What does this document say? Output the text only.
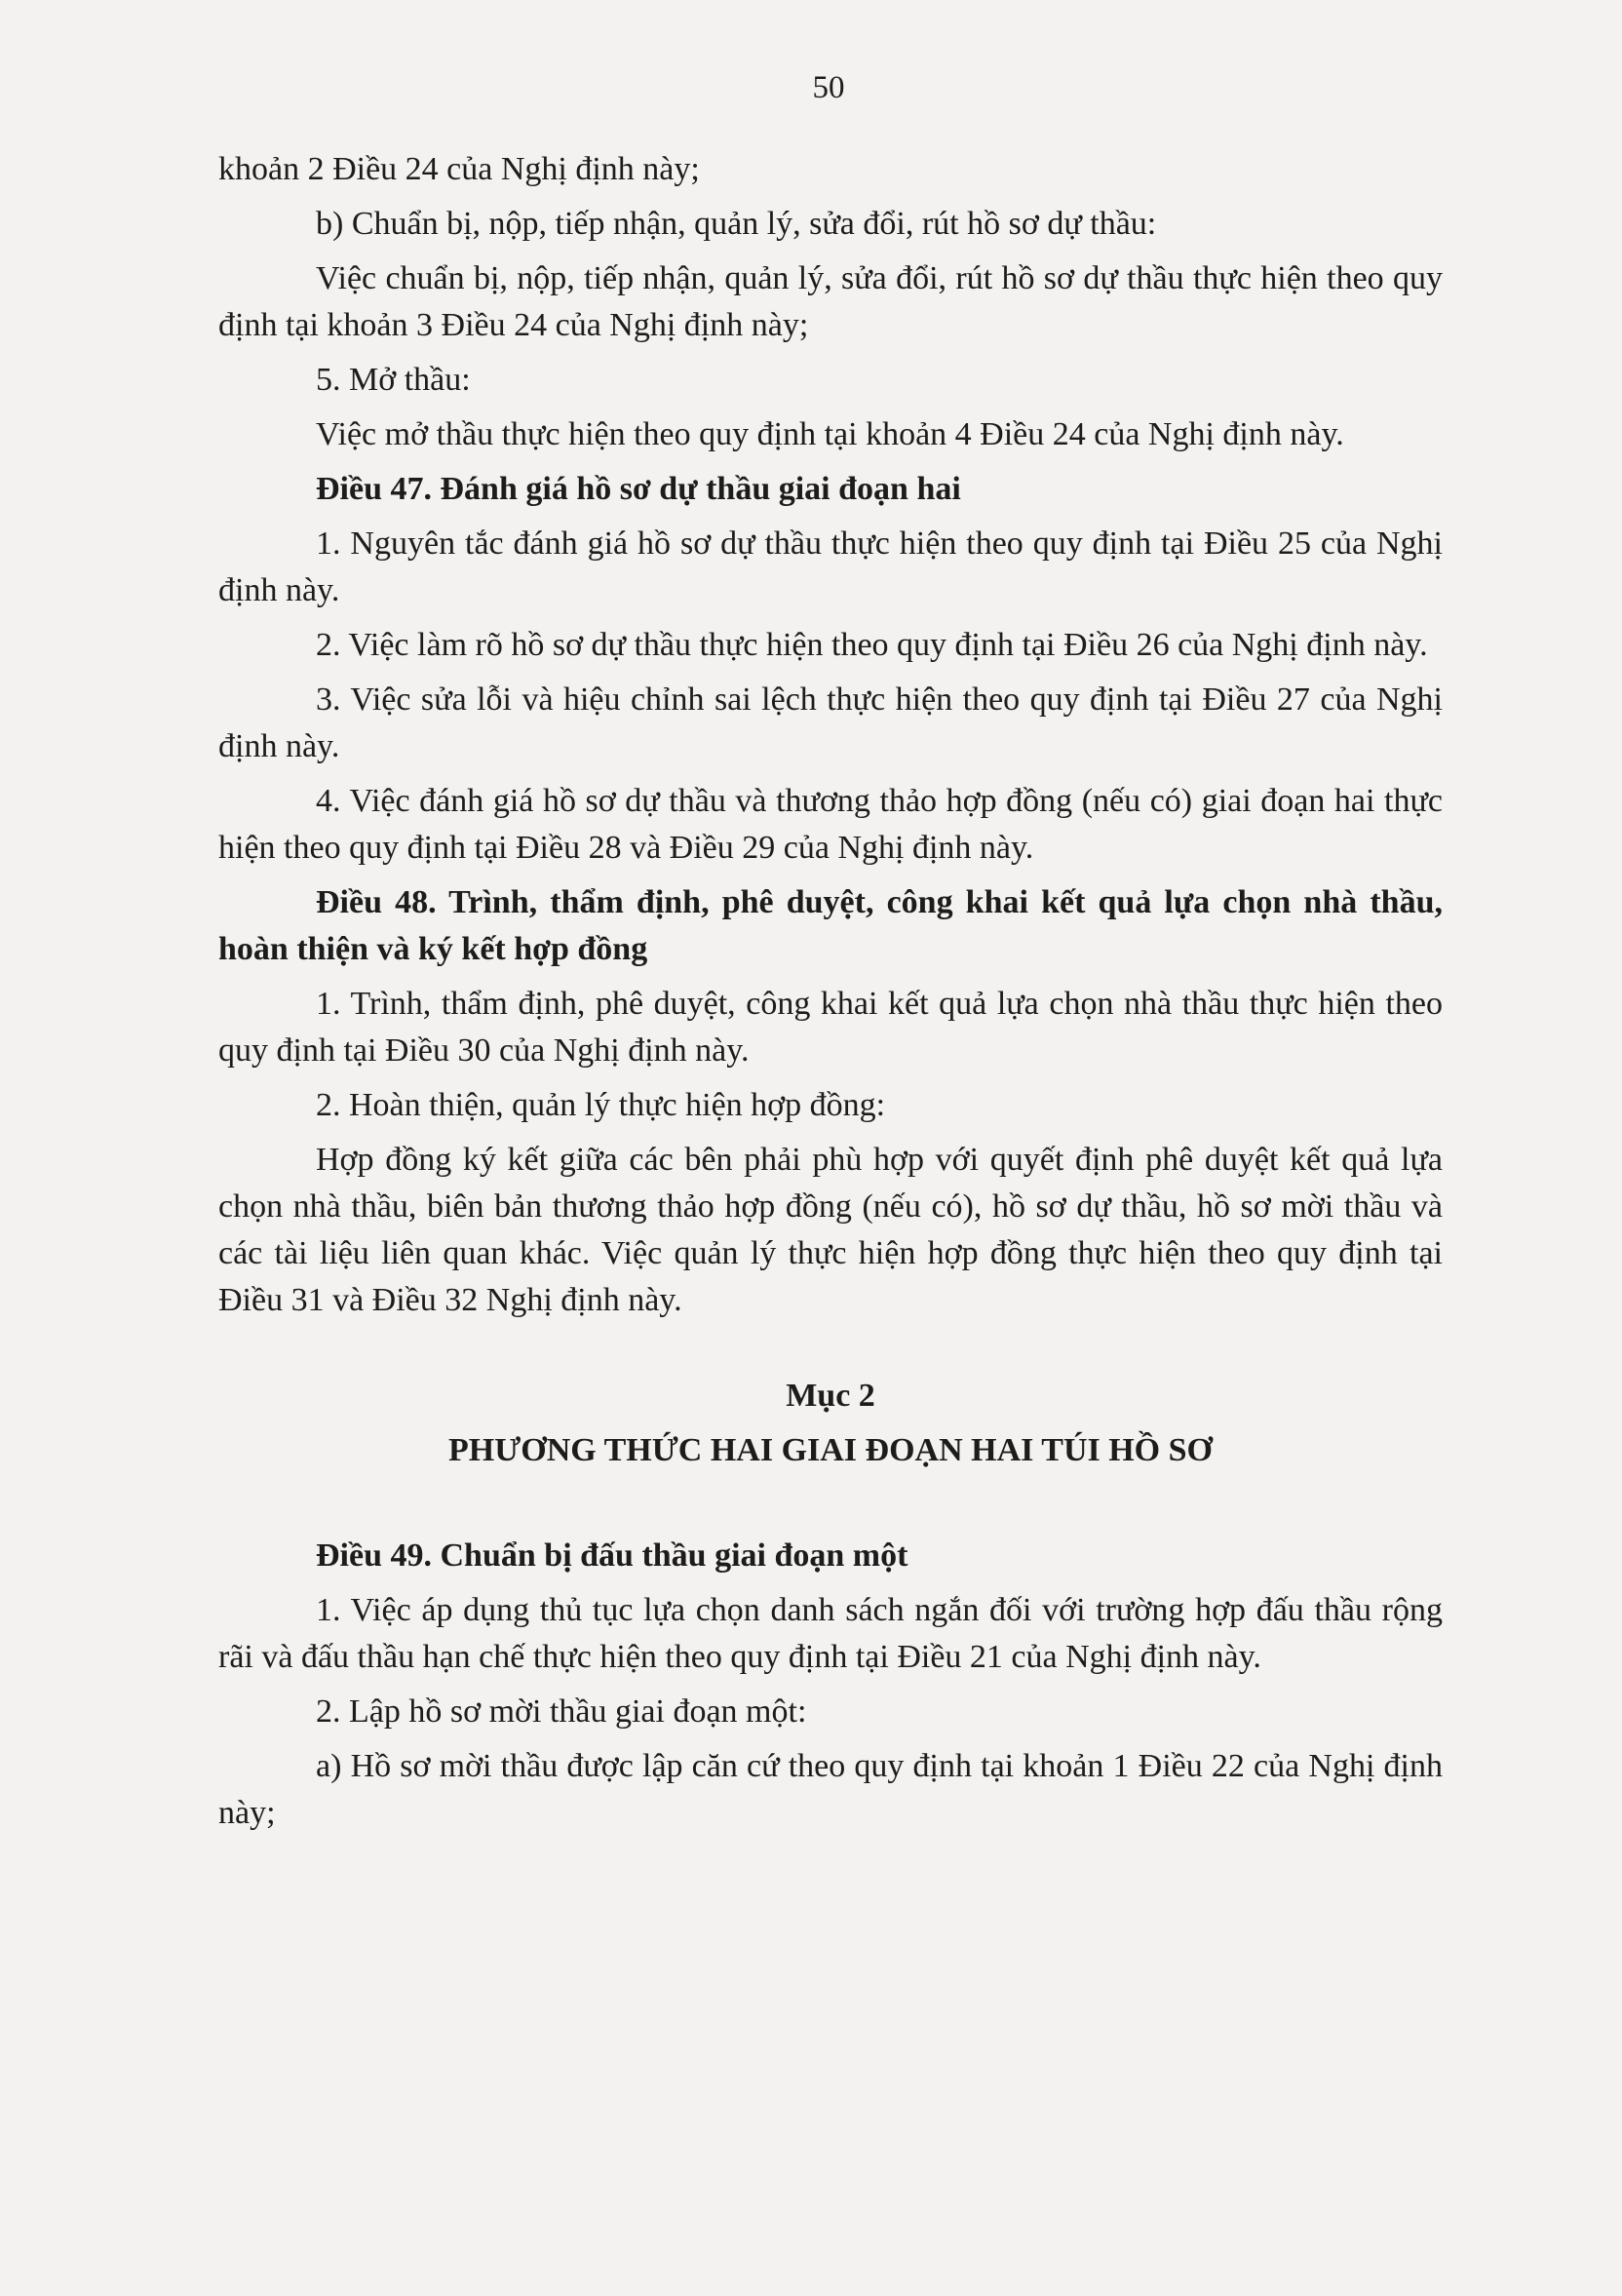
50

khoản 2 Điều 24 của Nghị định này;

b) Chuẩn bị, nộp, tiếp nhận, quản lý, sửa đổi, rút hồ sơ dự thầu:

Việc chuẩn bị, nộp, tiếp nhận, quản lý, sửa đổi, rút hồ sơ dự thầu thực hiện theo quy định tại khoản 3 Điều 24 của Nghị định này;

5. Mở thầu:

Việc mở thầu thực hiện theo quy định tại khoản 4 Điều 24 của Nghị định này.

Điều 47. Đánh giá hồ sơ dự thầu giai đoạn hai

1. Nguyên tắc đánh giá hồ sơ dự thầu thực hiện theo quy định tại Điều 25 của Nghị định này.

2. Việc làm rõ hồ sơ dự thầu thực hiện theo quy định tại Điều 26 của Nghị định này.

3. Việc sửa lỗi và hiệu chỉnh sai lệch thực hiện theo quy định tại Điều 27 của Nghị định này.

4. Việc đánh giá hồ sơ dự thầu và thương thảo hợp đồng (nếu có) giai đoạn hai thực hiện theo quy định tại Điều 28 và Điều 29 của Nghị định này.

Điều 48. Trình, thẩm định, phê duyệt, công khai kết quả lựa chọn nhà thầu, hoàn thiện và ký kết hợp đồng

1. Trình, thẩm định, phê duyệt, công khai kết quả lựa chọn nhà thầu thực hiện theo quy định tại Điều 30 của Nghị định này.

2. Hoàn thiện, quản lý thực hiện hợp đồng:

Hợp đồng ký kết giữa các bên phải phù hợp với quyết định phê duyệt kết quả lựa chọn nhà thầu, biên bản thương thảo hợp đồng (nếu có), hồ sơ dự thầu, hồ sơ mời thầu và các tài liệu liên quan khác. Việc quản lý thực hiện hợp đồng thực hiện theo quy định tại Điều 31 và Điều 32 Nghị định này.

Mục 2

PHƯƠNG THỨC HAI GIAI ĐOẠN HAI TÚI HỒ SƠ

Điều 49. Chuẩn bị đấu thầu giai đoạn một

1. Việc áp dụng thủ tục lựa chọn danh sách ngắn đối với trường hợp đấu thầu rộng rãi và đấu thầu hạn chế thực hiện theo quy định tại Điều 21 của Nghị định này.

2. Lập hồ sơ mời thầu giai đoạn một:

a) Hồ sơ mời thầu được lập căn cứ theo quy định tại khoản 1 Điều 22 của Nghị định này;
